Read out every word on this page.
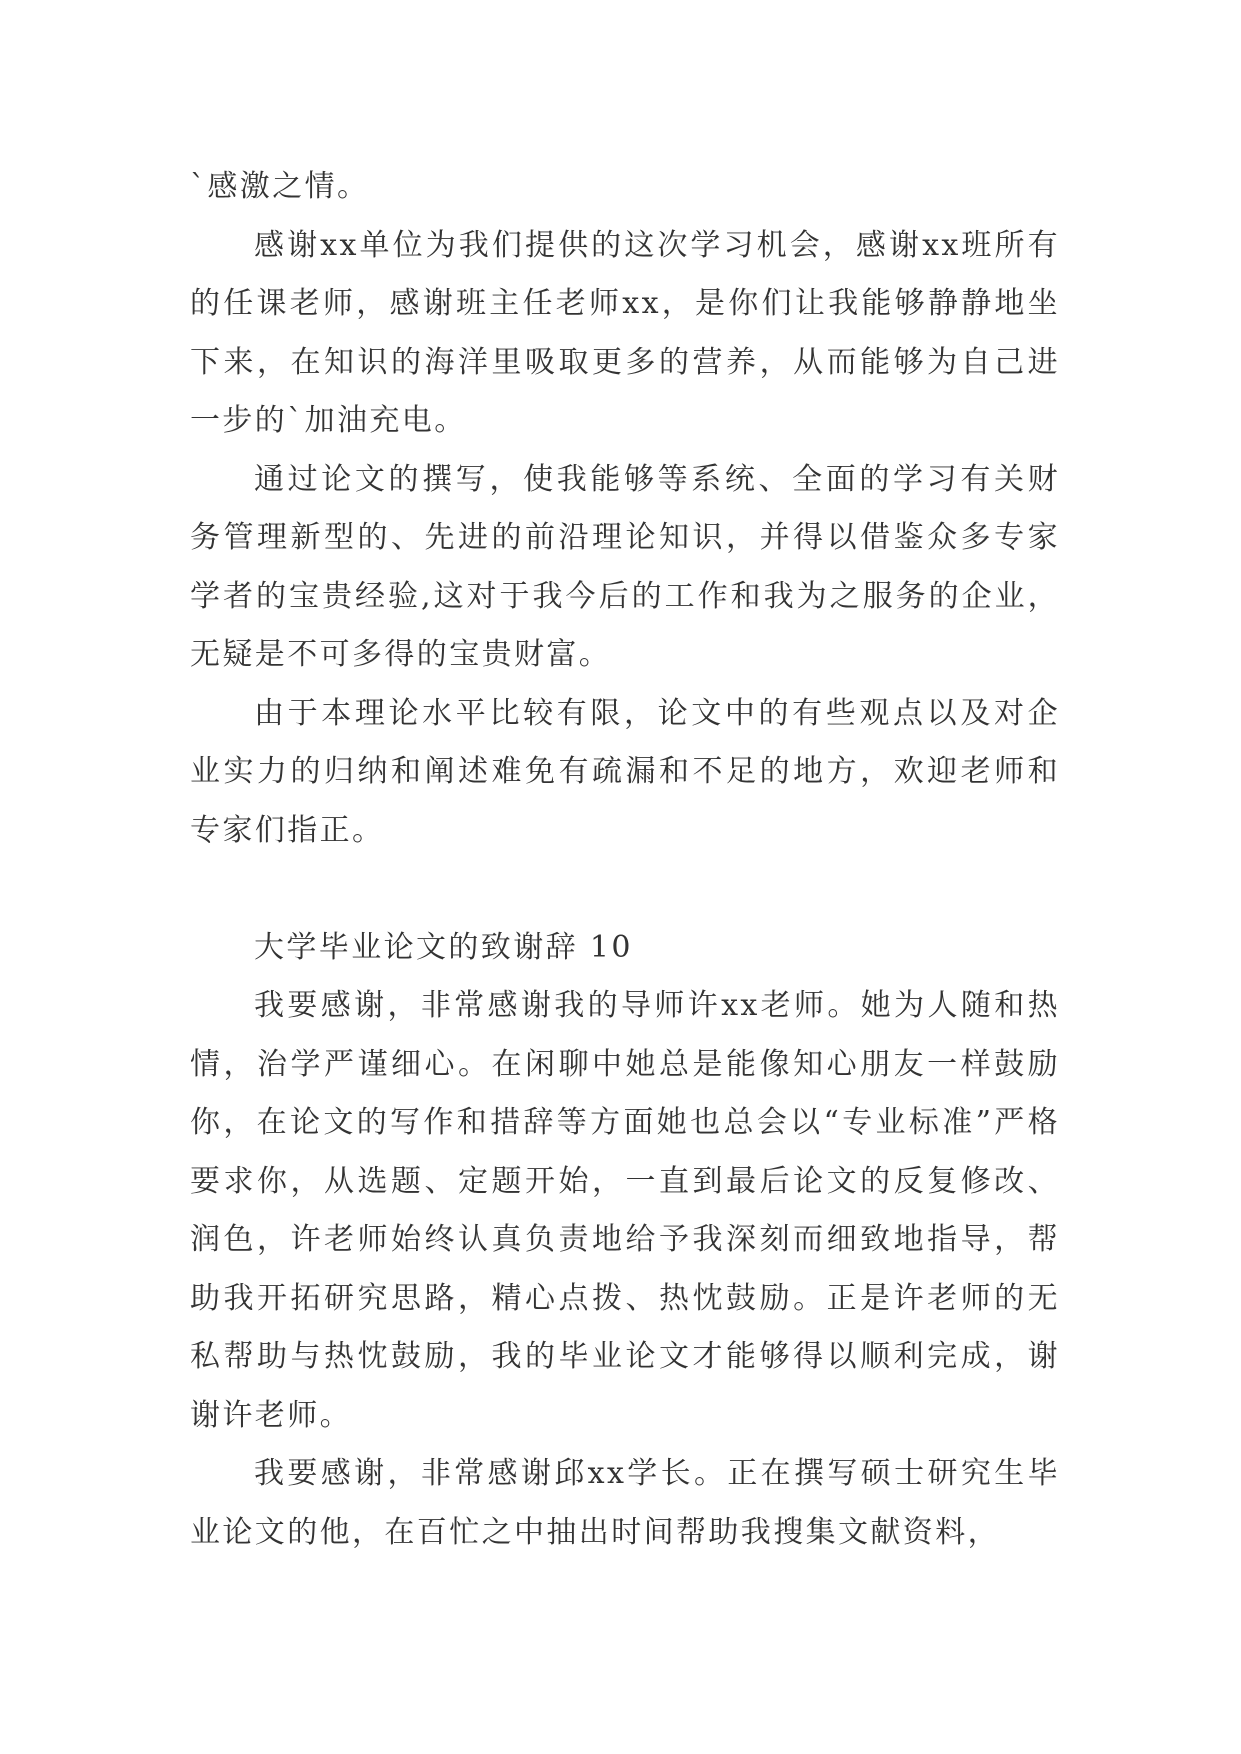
`感激之情。

感谢xx单位为我们提供的这次学习机会，感谢xx班所有的任课老师，感谢班主任老师xx，是你们让我能够静静地坐下来，在知识的海洋里吸取更多的营养，从而能够为自己进一步的`加油充电。

通过论文的撰写，使我能够等系统、全面的学习有关财务管理新型的、先进的前沿理论知识，并得以借鉴众多专家学者的宝贵经验,这对于我今后的工作和我为之服务的企业，无疑是不可多得的宝贵财富。

由于本理论水平比较有限，论文中的有些观点以及对企业实力的归纳和阐述难免有疏漏和不足的地方，欢迎老师和专家们指正。

大学毕业论文的致谢辞 10

我要感谢，非常感谢我的导师许xx老师。她为人随和热情，治学严谨细心。在闲聊中她总是能像知心朋友一样鼓励你，在论文的写作和措辞等方面她也总会以“专业标准”严格要求你，从选题、定题开始，一直到最后论文的反复修改、润色，许老师始终认真负责地给予我深刻而细致地指导，帮助我开拓研究思路，精心点拨、热忱鼓励。正是许老师的无私帮助与热忱鼓励，我的毕业论文才能够得以顺利完成，谢谢许老师。

我要感谢，非常感谢邱xx学长。正在撰写硕士研究生毕业论文的他，在百忙之中抽出时间帮助我搜集文献资料，
